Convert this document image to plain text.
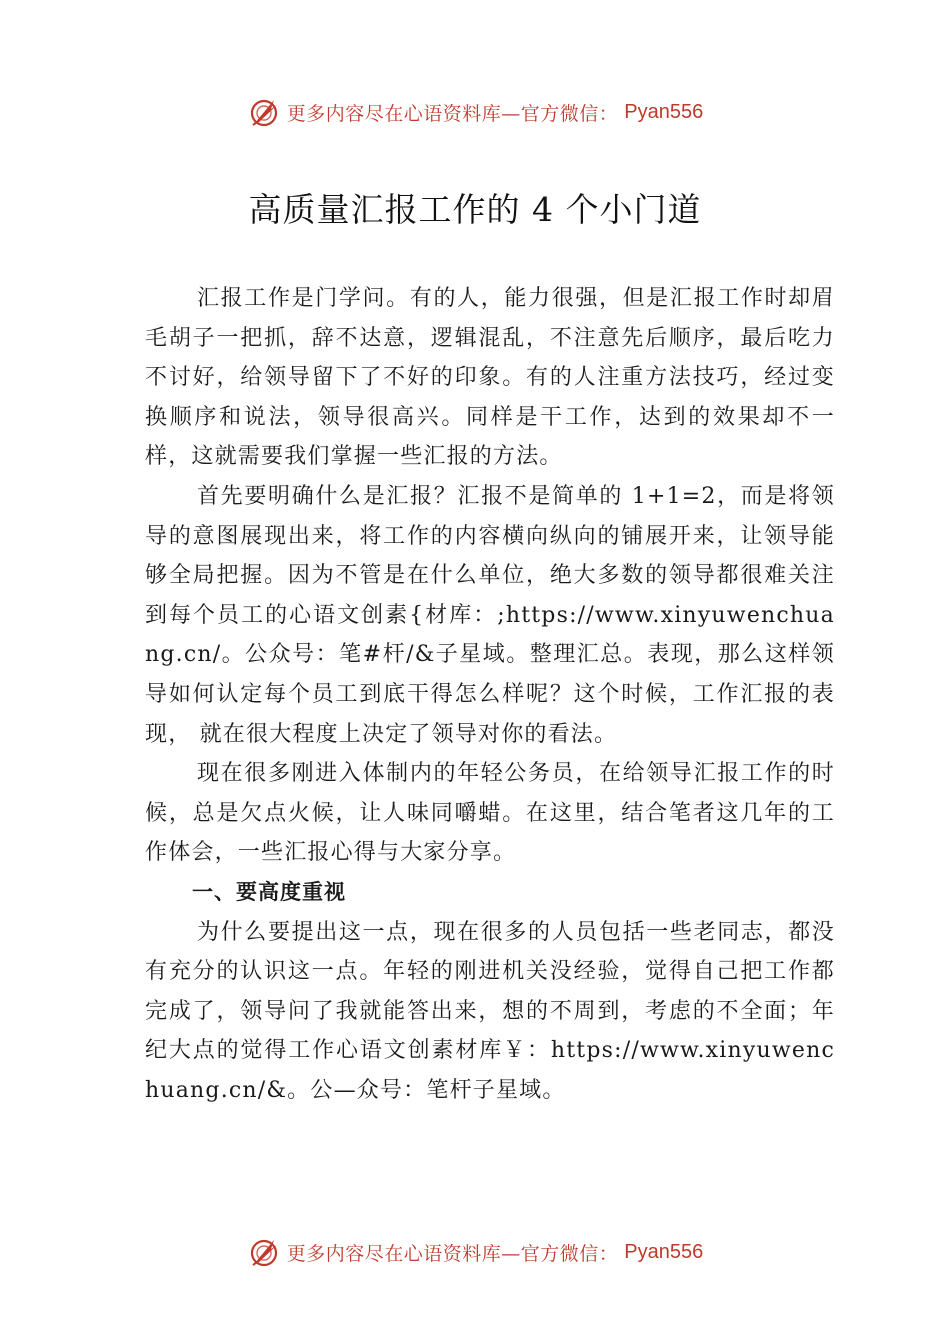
更多内容尽在心语资料库—官方微信： Pyan556
高质量汇报工作的 4 个小门道

汇报工作是门学问。有的人，能力很强，但是汇报工作时却眉毛胡子一把抓，辞不达意，逻辑混乱，不注意先后顺序，最后吃力不讨好，给领导留下了不好的印象。有的人注重方法技巧，经过变换顺序和说法，领导很高兴。同样是干工作，达到的效果却不一样，这就需要我们掌握一些汇报的方法。

首先要明确什么是汇报？汇报不是简单的 1+1=2，而是将领导的意图展现出来，将工作的内容横向纵向的铺展开来，让领导能够全局把握。因为不管是在什么单位，绝大多数的领导都很难关注到每个员工的心语文创素{材库：;https://www.xinyuwenchuang.cn/。公众号：笔#杆/&子星域。整理汇总。表现，那么这样领导如何认定每个员工到底干得怎么样呢？这个时候，工作汇报的表现， 就在很大程度上决定了领导对你的看法。

现在很多刚进入体制内的年轻公务员，在给领导汇报工作的时候，总是欠点火候，让人味同嚼蜡。在这里，结合笔者这几年的工作体会，一些汇报心得与大家分享。

一、要高度重视

为什么要提出这一点，现在很多的人员包括一些老同志，都没有充分的认识这一点。年轻的刚进机关没经验，觉得自己把工作都完成了，领导问了我就能答出来，想的不周到，考虑的不全面；年纪大点的觉得工作心语文创素材库￥：https://www.xinyuwenchuang.cn/&。公—众号：笔杆子星域。

更多内容尽在心语资料库—官方微信： Pyan556
